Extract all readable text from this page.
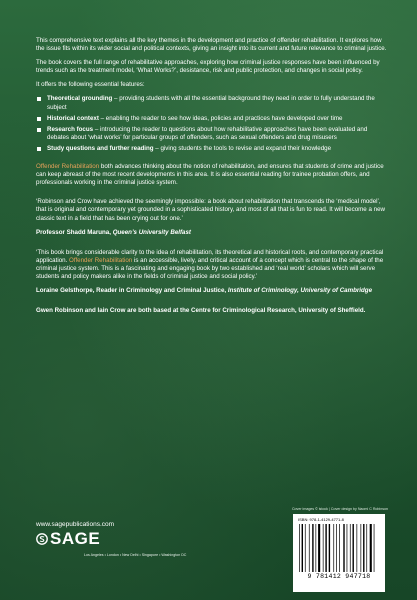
This comprehensive text explains all the key themes in the development and practice of offender rehabilitation. It explores how the issue fits within its wider social and political contexts, giving an insight into its current and future relevance to criminal justice.

The book covers the full range of rehabilitative approaches, exploring how criminal justice responses have been influenced by trends such as the treatment model, ‘What Works?’, desistance, risk and public protection, and changes in social policy.

It offers the following essential features:

Theoretical grounding – providing students with all the essential background they need in order to fully understand the subject
Historical context – enabling the reader to see how ideas, policies and practices have developed over time
Research focus – introducing the reader to questions about how rehabilitative approaches have been evaluated and debates about ‘what works’ for particular groups of offenders, such as sexual offenders and drug misusers
Study questions and further reading – giving students the tools to revise and expand their knowledge

Offender Rehabilitation both advances thinking about the notion of rehabilitation, and ensures that students of crime and justice can keep abreast of the most recent developments in this area. It is also essential reading for trainee probation offers, and professionals working in the criminal justice system.

‘Robinson and Crow have achieved the seemingly impossible: a book about rehabilitation that transcends the ‘medical model’, that is original and contemporary yet grounded in a sophisticated history, and most of all that is fun to read. It will become a new classic text in a field that has been crying out for one.’

Professor Shadd Maruna, Queen’s University Belfast

‘This book brings considerable clarity to the idea of rehabilitation, its theoretical and historical roots, and contemporary practical application. Offender Rehabilitation is an accessible, lively, and critical account of a concept which is central to the shape of the criminal justice system. This is a fascinating and engaging book by two established and ‘real world’ scholars which will serve students and policy makers alike in the fields of criminal justice and social policy.’

Loraine Gelsthorpe, Reader in Criminology and Criminal Justice, Institute of Criminology, University of Cambridge

Gwen Robinson and Iain Crow are both based at the Centre for Criminological Research, University of Sheffield.

Cover images © istock | Cover design by Naomi C Robinson
www.sagepublications.com
SAGE
Los Angeles • London • New Delhi • Singapore • Washington DC
ISBN: 978-1-4129-4771-8
9 781412 947718
